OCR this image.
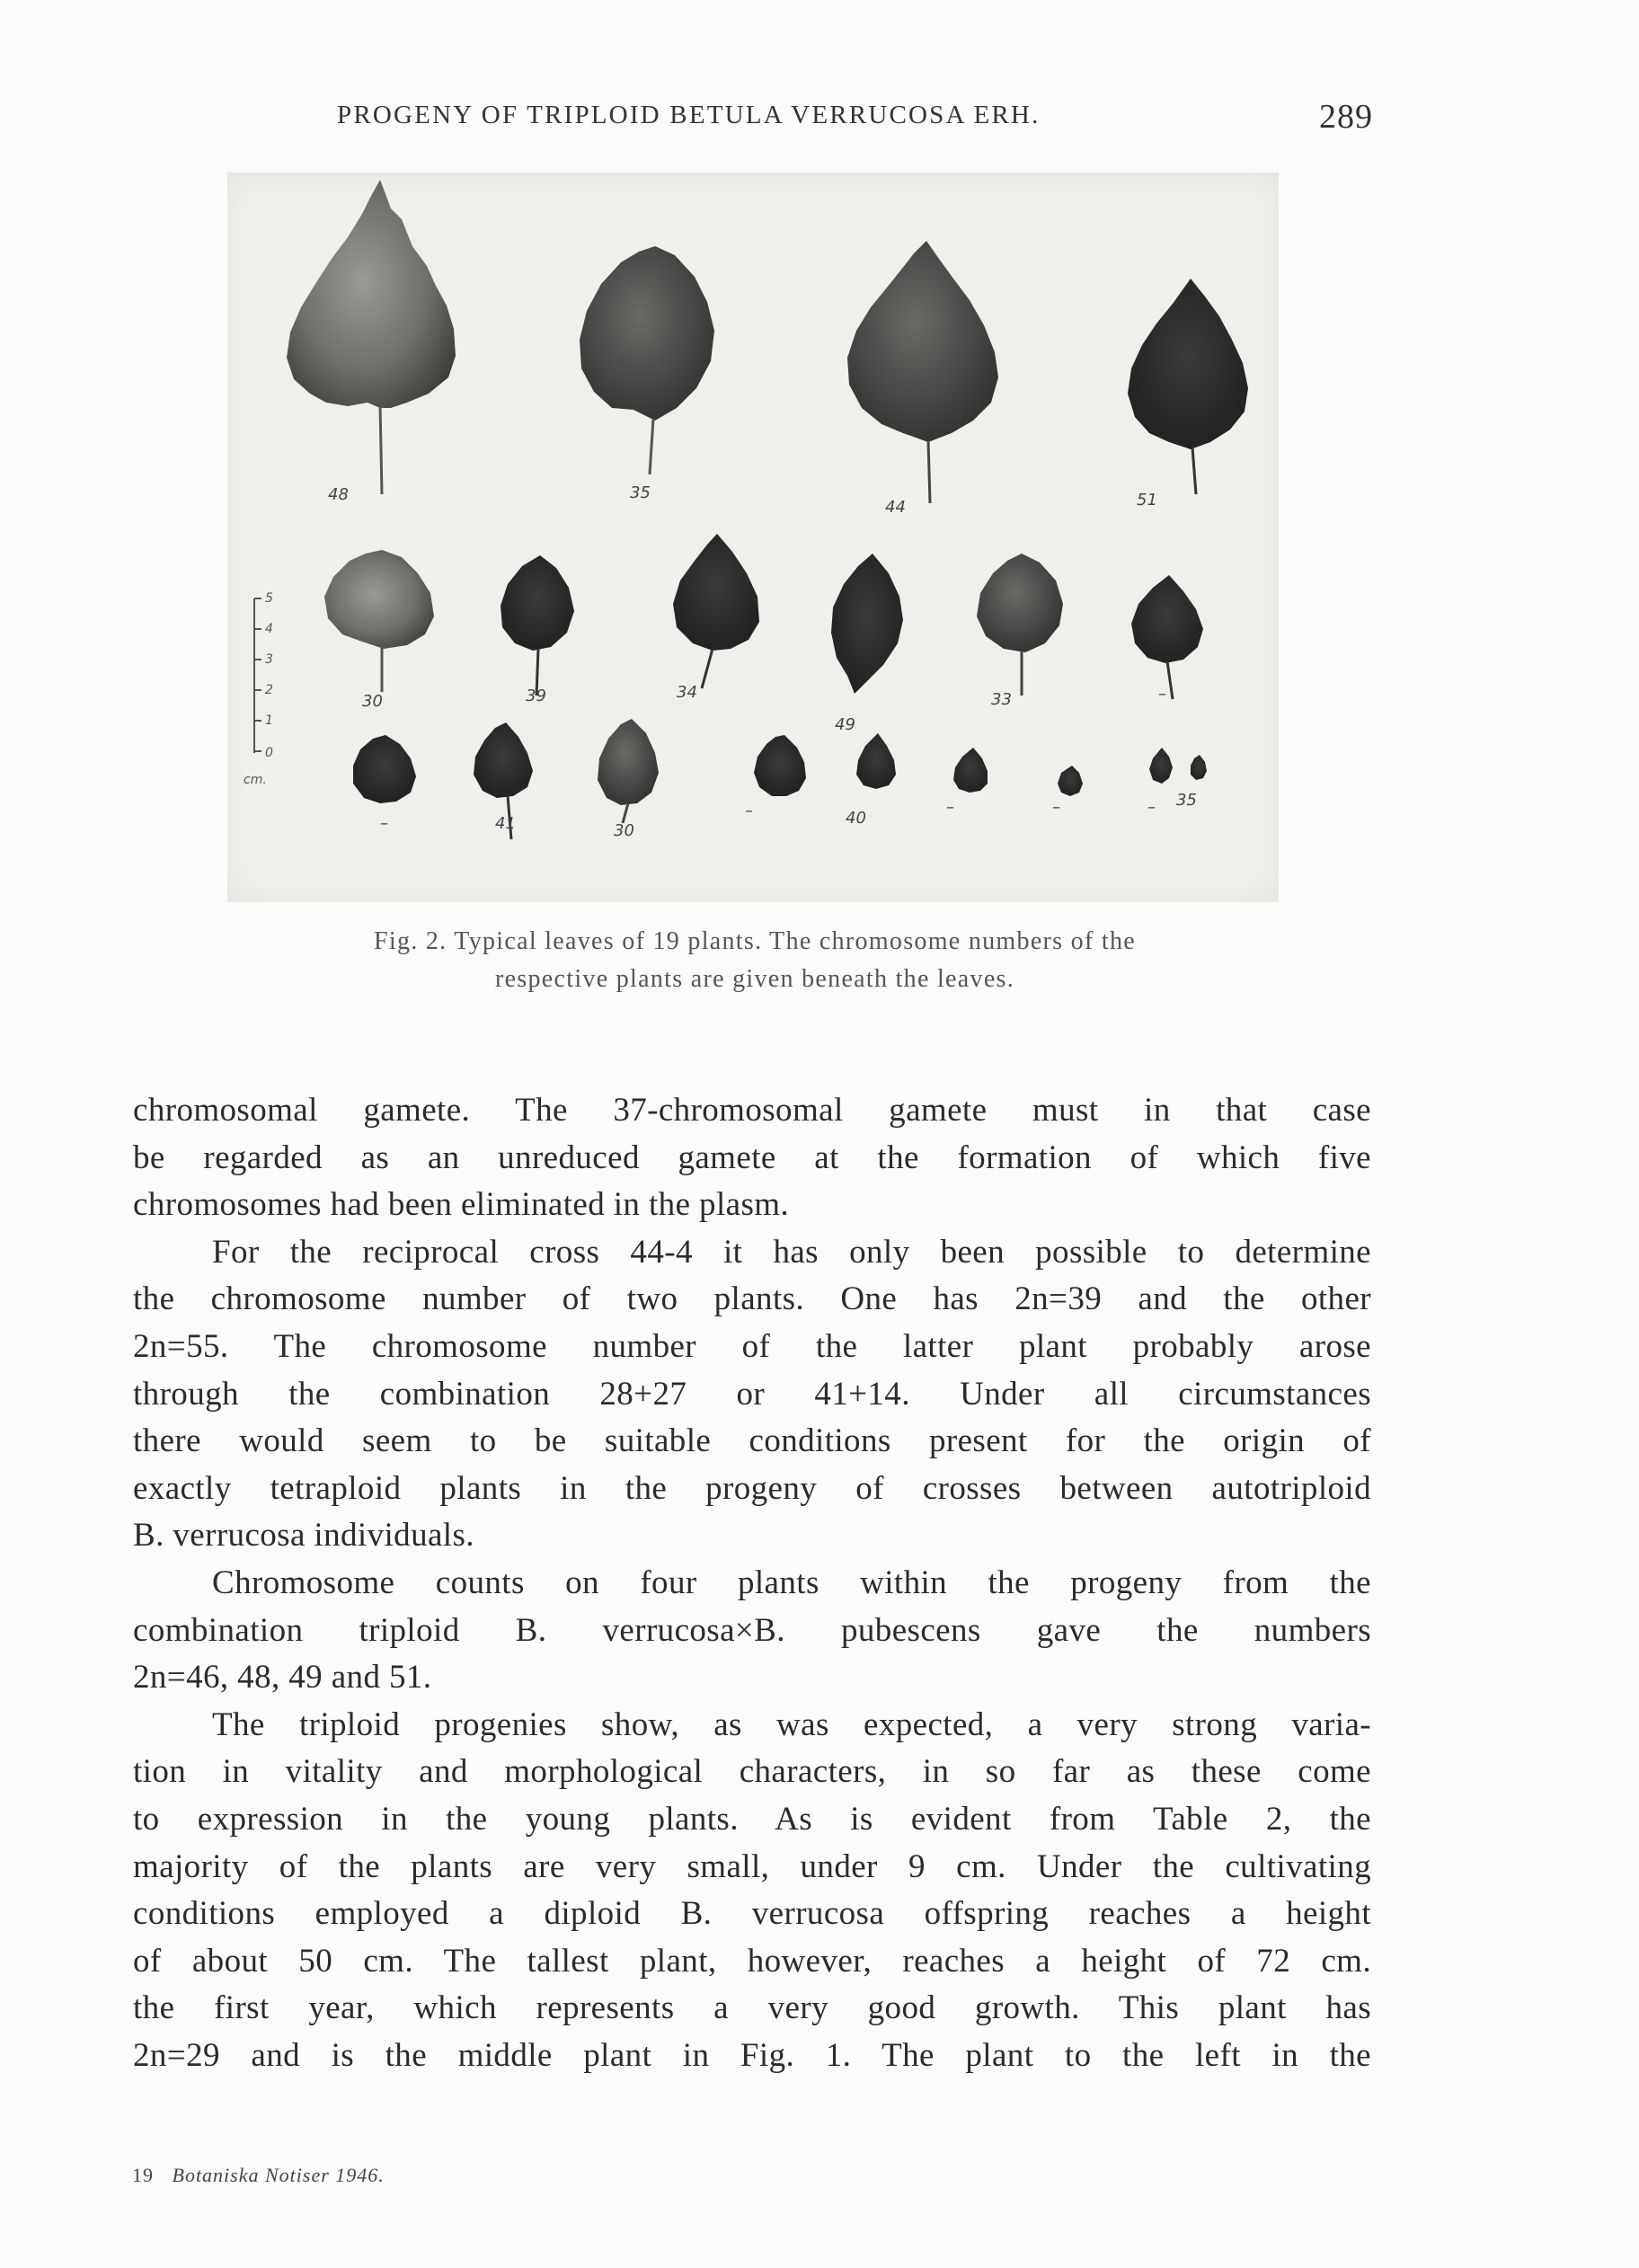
PROGENY OF TRIPLOID BETULA VERRUCOSA ERH.	289
5
4
3
2
1
0
cm.
48	35
44	51
30	39	34
49
33	–
–	41	30
–	40
–	–	– 35
Fig. 2. Typical leaves of 19 plants. The chromosome numbers of the
respective plants are given beneath the leaves.
chromosomal gamete. The 37-chromosomal gamete must in that case
be regarded as an unreduced gamete at the formation of which five
chromosomes had been eliminated in the plasm.
For the reciprocal cross 44-4 it has only been possible to determine
the chromosome number of two plants. One has 2n=39 and the other
2n=55. The chromosome number of the latter plant probably arose
through the combination 28+27 or 41+14. Under all circumstances
there would seem to be suitable conditions present for the origin of
exactly tetraploid plants in the progeny of crosses between autotriploid
B. verrucosa individuals.
Chromosome counts on four plants within the progeny from the
combination triploid B. verrucosa×B. pubescens gave the numbers
2n=46, 48, 49 and 51.
The triploid progenies show, as was expected, a very strong varia-
tion in vitality and morphological characters, in so far as these come
to expression in the young plants. As is evident from Table 2, the
majority of the plants are very small, under 9 cm. Under the cultivating
conditions employed a diploid B. verrucosa offspring reaches a height
of about 50 cm. The tallest plant, however, reaches a height of 72 cm.
the first year, which represents a very good growth. This plant has
2n=29 and is the middle plant in Fig. 1. The plant to the left in the
19 Botaniska Notiser 1946.
